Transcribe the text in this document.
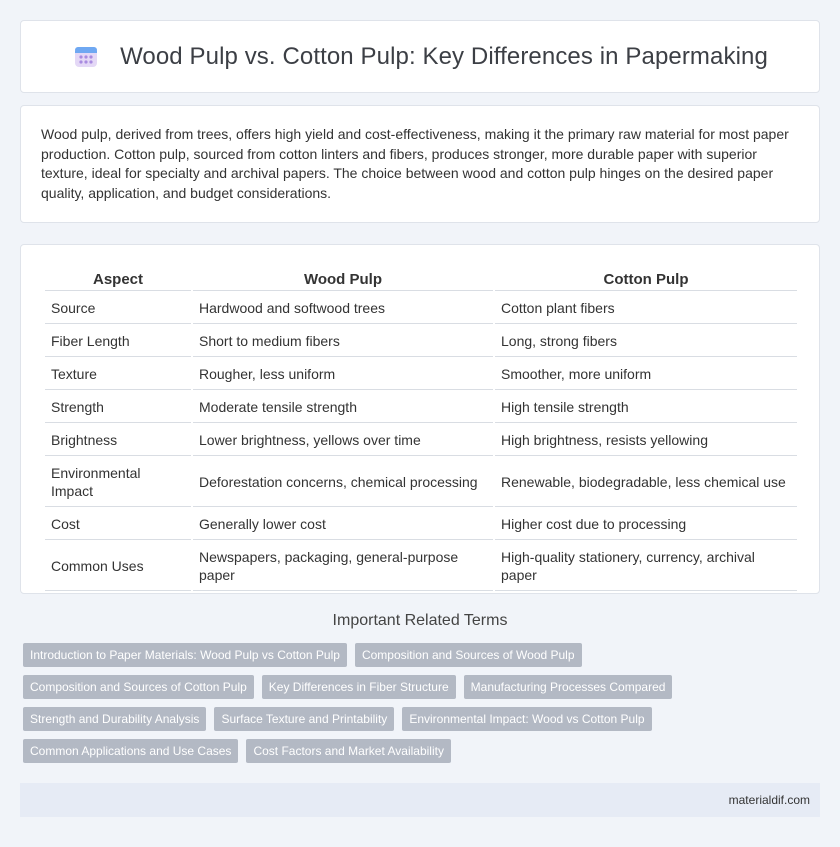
Wood Pulp vs. Cotton Pulp: Key Differences in Papermaking

Wood pulp, derived from trees, offers high yield and cost-effectiveness, making it the primary raw material for most paper production. Cotton pulp, sourced from cotton linters and fibers, produces stronger, more durable paper with superior texture, ideal for specialty and archival papers. The choice between wood and cotton pulp hinges on the desired paper quality, application, and budget considerations.

Aspect	Wood Pulp	Cotton Pulp
Source	Hardwood and softwood trees	Cotton plant fibers
Fiber Length	Short to medium fibers	Long, strong fibers
Texture	Rougher, less uniform	Smoother, more uniform
Strength	Moderate tensile strength	High tensile strength
Brightness	Lower brightness, yellows over time	High brightness, resists yellowing
Environmental Impact	Deforestation concerns, chemical processing	Renewable, biodegradable, less chemical use
Cost	Generally lower cost	Higher cost due to processing
Common Uses	Newspapers, packaging, general-purpose paper	High-quality stationery, currency, archival paper
Important Related Terms
Introduction to Paper Materials: Wood Pulp vs Cotton Pulp	Composition and Sources of Wood Pulp
Composition and Sources of Cotton Pulp	Key Differences in Fiber Structure	Manufacturing Processes Compared
Strength and Durability Analysis	Surface Texture and Printability	Environmental Impact: Wood vs Cotton Pulp
Common Applications and Use Cases	Cost Factors and Market Availability
materialdif.com
